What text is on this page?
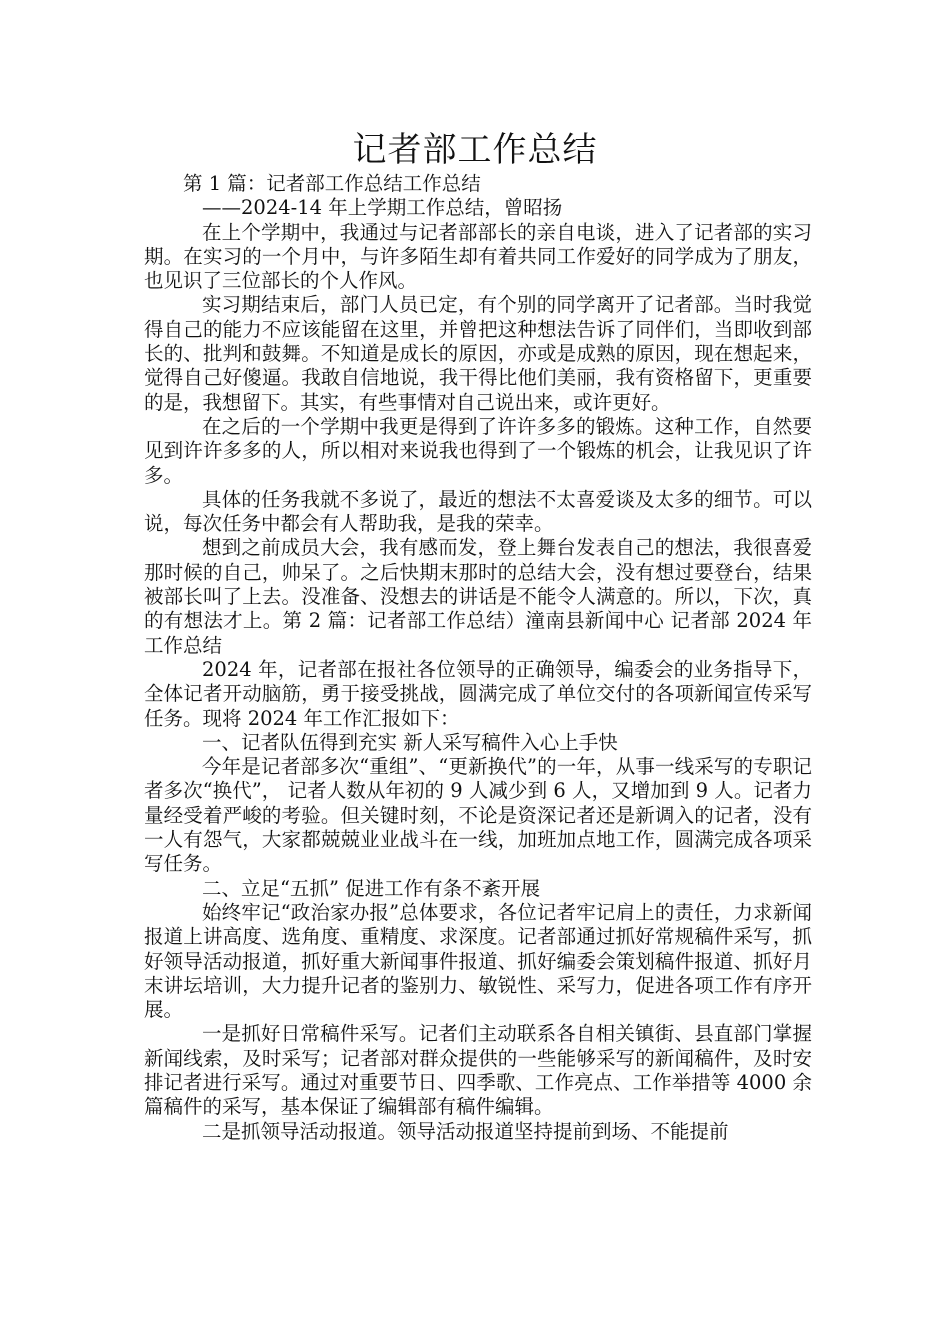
记者部工作总结

第 1 篇：记者部工作总结工作总结

——2024-14 年上学期工作总结，曾昭扬

在上个学期中，我通过与记者部部长的亲自电谈，进入了记者部的实习期。在实习的一个月中，与许多陌生却有着共同工作爱好的同学成为了朋友，也见识了三位部长的个人作风。

实习期结束后，部门人员已定，有个别的同学离开了记者部。当时我觉得自己的能力不应该能留在这里，并曾把这种想法告诉了同伴们，当即收到部长的、批判和鼓舞。不知道是成长的原因，亦或是成熟的原因，现在想起来，觉得自己好傻逼。我敢自信地说，我干得比他们美丽，我有资格留下，更重要的是，我想留下。其实，有些事情对自己说出来，或许更好。

在之后的一个学期中我更是得到了许许多多的锻炼。这种工作，自然要见到许许多多的人，所以相对来说我也得到了一个锻炼的机会，让我见识了许多。

具体的任务我就不多说了，最近的想法不太喜爱谈及太多的细节。可以说，每次任务中都会有人帮助我，是我的荣幸。

想到之前成员大会，我有感而发，登上舞台发表自己的想法，我很喜爱那时候的自己，帅呆了。之后快期末那时的总结大会，没有想过要登台，结果被部长叫了上去。没准备、没想去的讲话是不能令人满意的。所以，下次，真的有想法才上。第 2 篇：记者部工作总结）潼南县新闻中心 记者部 2024 年工作总结

2024 年，记者部在报社各位领导的正确领导，编委会的业务指导下，全体记者开动脑筋，勇于接受挑战，圆满完成了单位交付的各项新闻宣传采写任务。现将 2024 年工作汇报如下：

一、记者队伍得到充实 新人采写稿件入心上手快

今年是记者部多次“重组”、“更新换代”的一年，从事一线采写的专职记者多次“换代”， 记者人数从年初的 9 人减少到 6 人，又增加到 9 人。记者力量经受着严峻的考验。但关键时刻，不论是资深记者还是新调入的记者，没有一人有怨气，大家都兢兢业业战斗在一线，加班加点地工作，圆满完成各项采写任务。

二、立足“五抓” 促进工作有条不紊开展

始终牢记“政治家办报”总体要求，各位记者牢记肩上的责任，力求新闻报道上讲高度、选角度、重精度、求深度。记者部通过抓好常规稿件采写，抓好领导活动报道，抓好重大新闻事件报道、抓好编委会策划稿件报道、抓好月末讲坛培训，大力提升记者的鉴别力、敏锐性、采写力，促进各项工作有序开展。

一是抓好日常稿件采写。记者们主动联系各自相关镇街、县直部门掌握新闻线索，及时采写；记者部对群众提供的一些能够采写的新闻稿件，及时安排记者进行采写。通过对重要节日、四季歌、工作亮点、工作举措等 4000 余篇稿件的采写，基本保证了编辑部有稿件编辑。

二是抓领导活动报道。领导活动报道坚持提前到场、不能提前
